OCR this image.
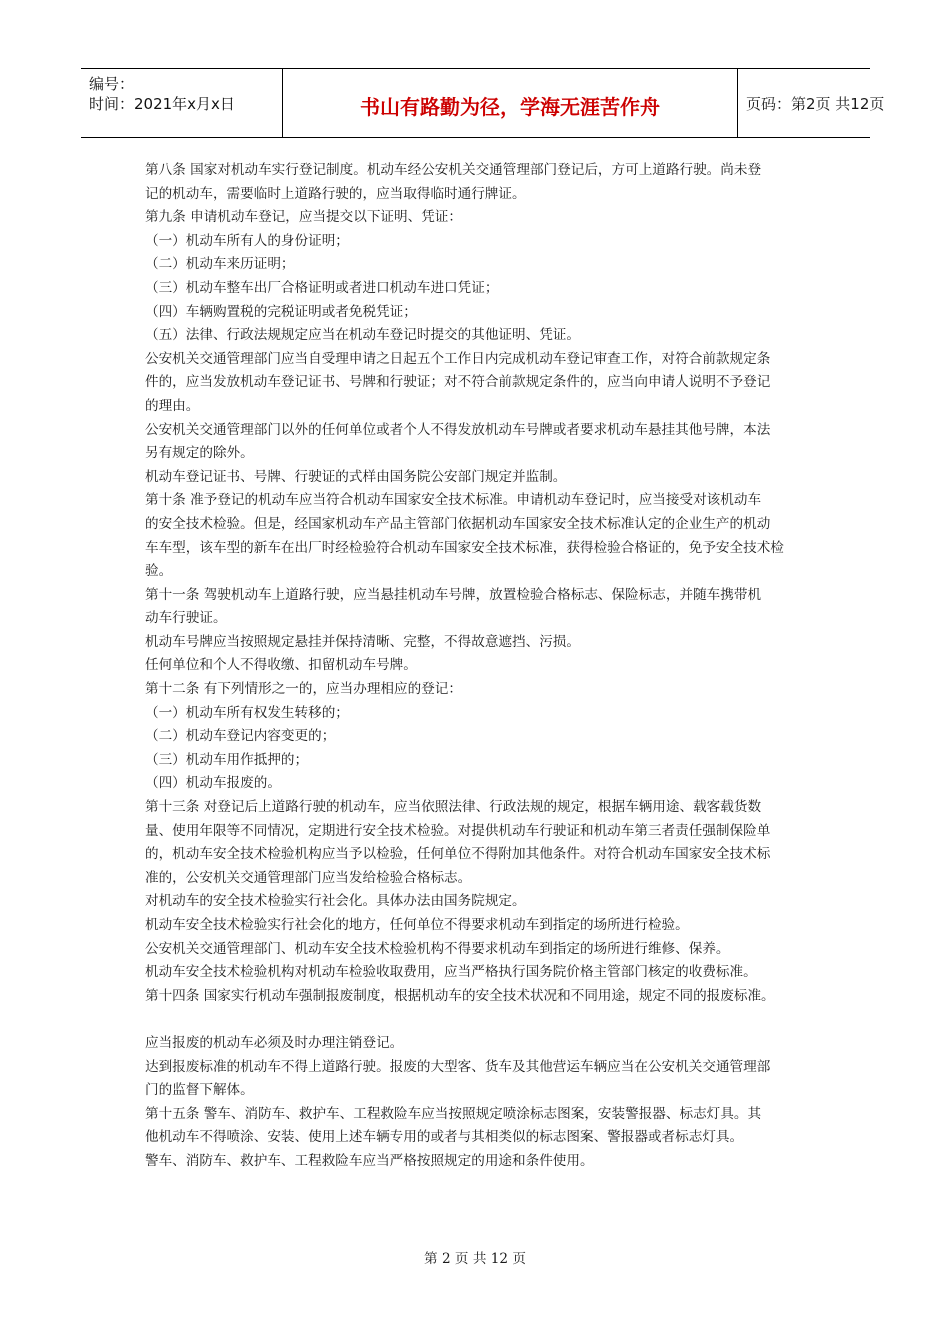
编号：
时间：2021年x月x日	书山有路勤为径，学海无涯苦作舟	页码：第2页 共12页
第八条 国家对机动车实行登记制度。机动车经公安机关交通管理部门登记后，方可上道路行驶。尚未登
记的机动车，需要临时上道路行驶的，应当取得临时通行牌证。
第九条 申请机动车登记，应当提交以下证明、凭证：
（一）机动车所有人的身份证明；
（二）机动车来历证明；
（三）机动车整车出厂合格证明或者进口机动车进口凭证；
（四）车辆购置税的完税证明或者免税凭证；
（五）法律、行政法规规定应当在机动车登记时提交的其他证明、凭证。
公安机关交通管理部门应当自受理申请之日起五个工作日内完成机动车登记审查工作，对符合前款规定条
件的，应当发放机动车登记证书、号牌和行驶证；对不符合前款规定条件的，应当向申请人说明不予登记
的理由。
公安机关交通管理部门以外的任何单位或者个人不得发放机动车号牌或者要求机动车悬挂其他号牌，本法
另有规定的除外。
机动车登记证书、号牌、行驶证的式样由国务院公安部门规定并监制。
第十条 准予登记的机动车应当符合机动车国家安全技术标准。申请机动车登记时，应当接受对该机动车
的安全技术检验。但是，经国家机动车产品主管部门依据机动车国家安全技术标准认定的企业生产的机动
车车型，该车型的新车在出厂时经检验符合机动车国家安全技术标准，获得检验合格证的，免予安全技术检
验。
第十一条 驾驶机动车上道路行驶，应当悬挂机动车号牌，放置检验合格标志、保险标志，并随车携带机
动车行驶证。
机动车号牌应当按照规定悬挂并保持清晰、完整，不得故意遮挡、污损。
任何单位和个人不得收缴、扣留机动车号牌。
第十二条 有下列情形之一的，应当办理相应的登记：
（一）机动车所有权发生转移的；
（二）机动车登记内容变更的；
（三）机动车用作抵押的；
（四）机动车报废的。
第十三条 对登记后上道路行驶的机动车，应当依照法律、行政法规的规定，根据车辆用途、载客载货数
量、使用年限等不同情况，定期进行安全技术检验。对提供机动车行驶证和机动车第三者责任强制保险单
的，机动车安全技术检验机构应当予以检验，任何单位不得附加其他条件。对符合机动车国家安全技术标
准的，公安机关交通管理部门应当发给检验合格标志。
对机动车的安全技术检验实行社会化。具体办法由国务院规定。
机动车安全技术检验实行社会化的地方，任何单位不得要求机动车到指定的场所进行检验。
公安机关交通管理部门、机动车安全技术检验机构不得要求机动车到指定的场所进行维修、保养。
机动车安全技术检验机构对机动车检验收取费用，应当严格执行国务院价格主管部门核定的收费标准。
第十四条 国家实行机动车强制报废制度，根据机动车的安全技术状况和不同用途，规定不同的报废标准。
应当报废的机动车必须及时办理注销登记。
达到报废标准的机动车不得上道路行驶。报废的大型客、货车及其他营运车辆应当在公安机关交通管理部
门的监督下解体。
第十五条 警车、消防车、救护车、工程救险车应当按照规定喷涂标志图案，安装警报器、标志灯具。其
他机动车不得喷涂、安装、使用上述车辆专用的或者与其相类似的标志图案、警报器或者标志灯具。
警车、消防车、救护车、工程救险车应当严格按照规定的用途和条件使用。
第 2 页 共 12 页
